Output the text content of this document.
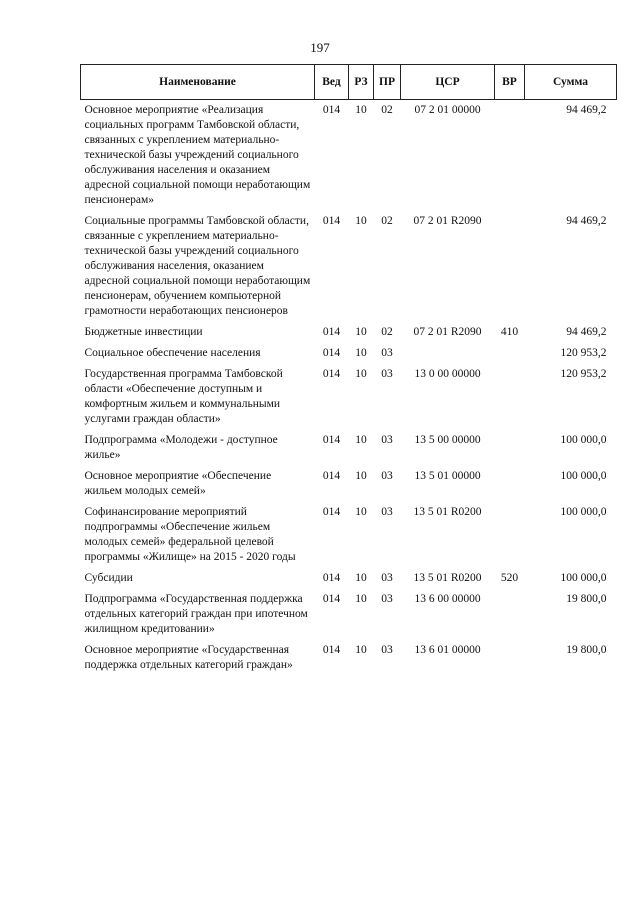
197
Наименование	Вед	РЗ	ПР	ЦСР	ВР	Сумма
Основное мероприятие «Реализация социальных программ Тамбовской области, связанных с укреплением материально-технической базы учреждений социального обслуживания населения и оказанием адресной социальной помощи неработающим пенсионерам»	014	10	02	07 2 01 00000		94 469,2
Социальные программы Тамбовской области, связанные с укреплением материально-технической базы учреждений социального обслуживания населения, оказанием адресной социальной помощи неработающим пенсионерам, обучением компьютерной грамотности неработающих пенсионеров	014	10	02	07 2 01 R2090		94 469,2
Бюджетные инвестиции	014	10	02	07 2 01 R2090	410	94 469,2
Социальное обеспечение населения	014	10	03			120 953,2
Государственная программа Тамбовской области «Обеспечение доступным и комфортным жильем и коммунальными услугами граждан области»	014	10	03	13 0 00 00000		120 953,2
Подпрограмма «Молодежи - доступное жилье»	014	10	03	13 5 00 00000		100 000,0
Основное мероприятие «Обеспечение жильем молодых семей»	014	10	03	13 5 01 00000		100 000,0
Софинансирование мероприятий подпрограммы «Обеспечение жильем молодых семей» федеральной целевой программы «Жилище» на 2015 - 2020 годы	014	10	03	13 5 01 R0200		100 000,0
Субсидии	014	10	03	13 5 01 R0200	520	100 000,0
Подпрограмма «Государственная поддержка отдельных категорий граждан при ипотечном жилищном кредитовании»	014	10	03	13 6 00 00000		19 800,0
Основное мероприятие «Государственная поддержка отдельных категорий граждан»	014	10	03	13 6 01 00000		19 800,0
